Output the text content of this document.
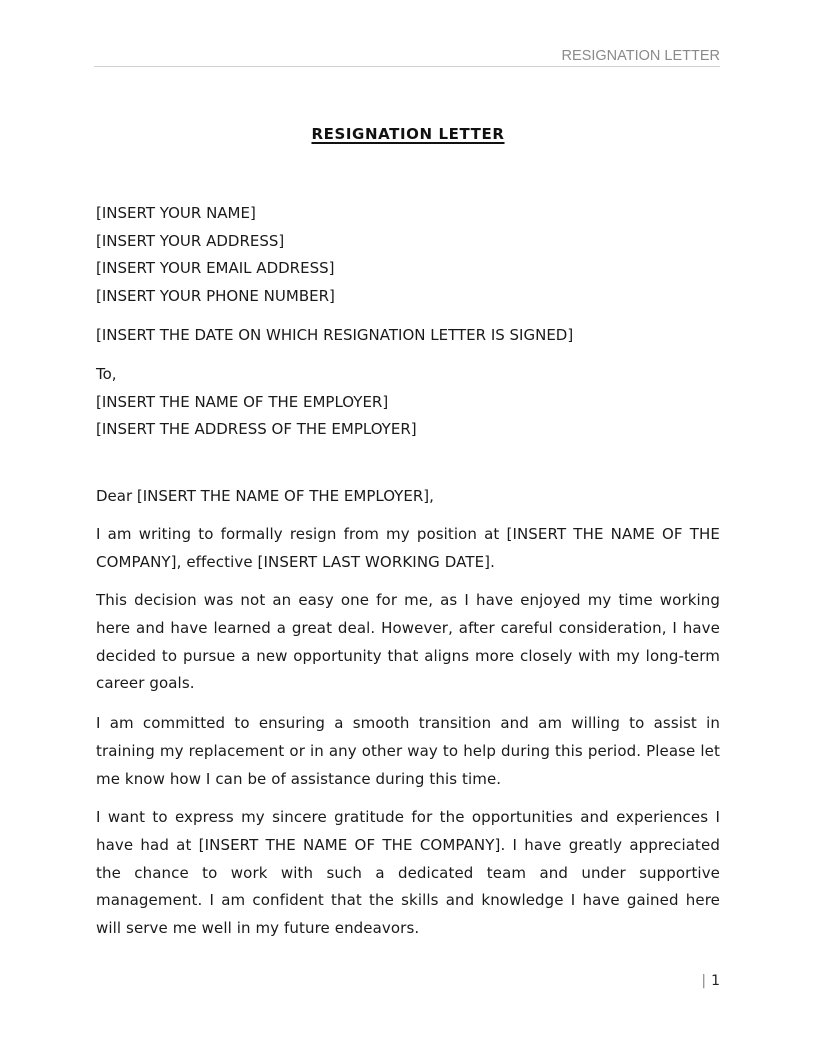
RESIGNATION LETTER
RESIGNATION LETTER
[INSERT YOUR NAME]
[INSERT YOUR ADDRESS]
[INSERT YOUR EMAIL ADDRESS]
[INSERT YOUR PHONE NUMBER]
[INSERT THE DATE ON WHICH RESIGNATION LETTER IS SIGNED]
To,
[INSERT THE NAME OF THE EMPLOYER]
[INSERT THE ADDRESS OF THE EMPLOYER]
Dear [INSERT THE NAME OF THE EMPLOYER],
I am writing to formally resign from my position at [INSERT THE NAME OF THE COMPANY], effective [INSERT LAST WORKING DATE].
This decision was not an easy one for me, as I have enjoyed my time working here and have learned a great deal. However, after careful consideration, I have decided to pursue a new opportunity that aligns more closely with my long-term career goals.
I am committed to ensuring a smooth transition and am willing to assist in training my replacement or in any other way to help during this period. Please let me know how I can be of assistance during this time.
I want to express my sincere gratitude for the opportunities and experiences I have had at [INSERT THE NAME OF THE COMPANY]. I have greatly appreciated the chance to work with such a dedicated team and under supportive management. I am confident that the skills and knowledge I have gained here will serve me well in my future endeavors.
| 1
